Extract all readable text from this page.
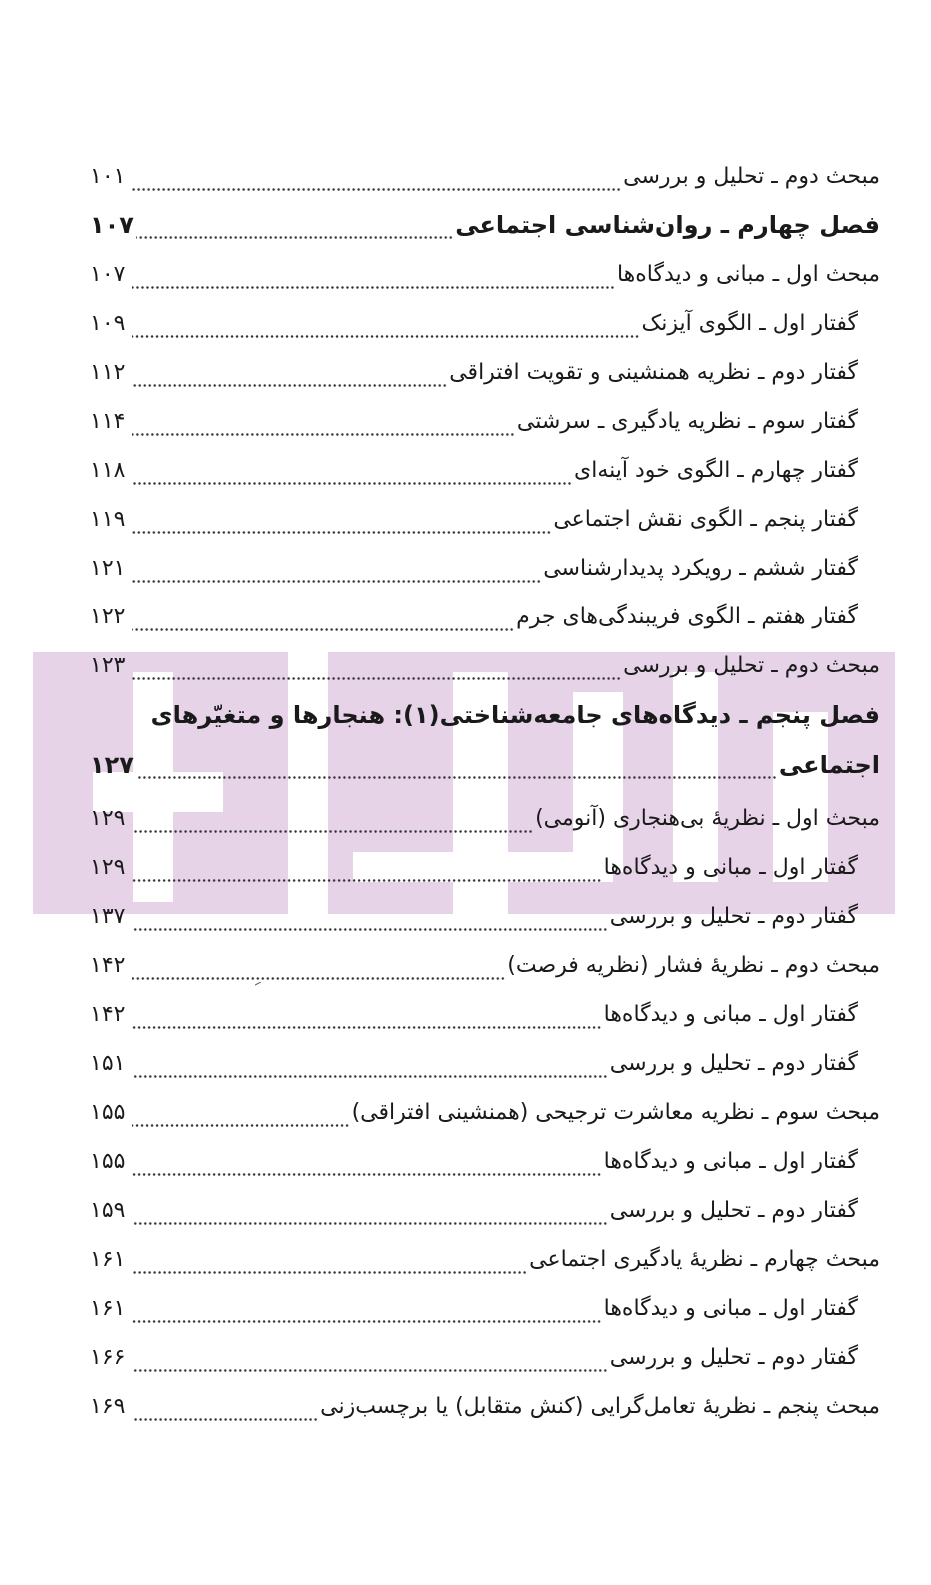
مبحث دوم ـ تحلیل و بررسی
۱۰۱
فصل چهارم ـ روان‌شناسی اجتماعی
۱۰۷
مبحث اول ـ مبانی و دیدگاه‌ها
۱۰۷
گفتار اول ـ الگوی آیزنک
۱۰۹
گفتار دوم ـ نظریه همنشینی و تقویت افتراقی
۱۱۲
گفتار سوم ـ نظریه یادگیری ـ سرشتی
۱۱۴
گفتار چهارم ـ الگوی خود آینه‌ای
۱۱۸
گفتار پنجم ـ الگوی نقش اجتماعی
۱۱۹
گفتار ششم ـ رویکرد پدیدارشناسی
۱۲۱
گفتار هفتم ـ الگوی فریبندگی‌های جرم
۱۲۲
مبحث دوم ـ تحلیل و بررسی
۱۲۳
فصل پنجم ـ دیدگاه‌های جامعه‌شناختی(۱): هنجارها و متغیّرهای
اجتماعی
۱۲۷
مبحث اول ـ نظریهٔ بی‌هنجاری (آنومی)
۱۲۹
گفتار اول ـ مبانی و دیدگاه‌ها
۱۲۹
گفتار دوم ـ تحلیل و بررسی
۱۳۷
مبحث دوم ـ نظریهٔ فشار (نظریه فرصت)
۱۴۲
گفتار اول ـ مبانی و دیدگاه‌ها
۱۴۲
گفتار دوم ـ تحلیل و بررسی
۱۵۱
مبحث سوم ـ نظریه معاشرت ترجیحی (همنشینی افتراقی)
۱۵۵
گفتار اول ـ مبانی و دیدگاه‌ها
۱۵۵
گفتار دوم ـ تحلیل و بررسی
۱۵۹
مبحث چهارم ـ نظریهٔ یادگیری اجتماعی
۱۶۱
گفتار اول ـ مبانی و دیدگاه‌ها
۱۶۱
گفتار دوم ـ تحلیل و بررسی
۱۶۶
مبحث پنجم ـ نظریهٔ تعامل‌گرایی (کنش متقابل) یا برچسب‌زنی
۱۶۹
